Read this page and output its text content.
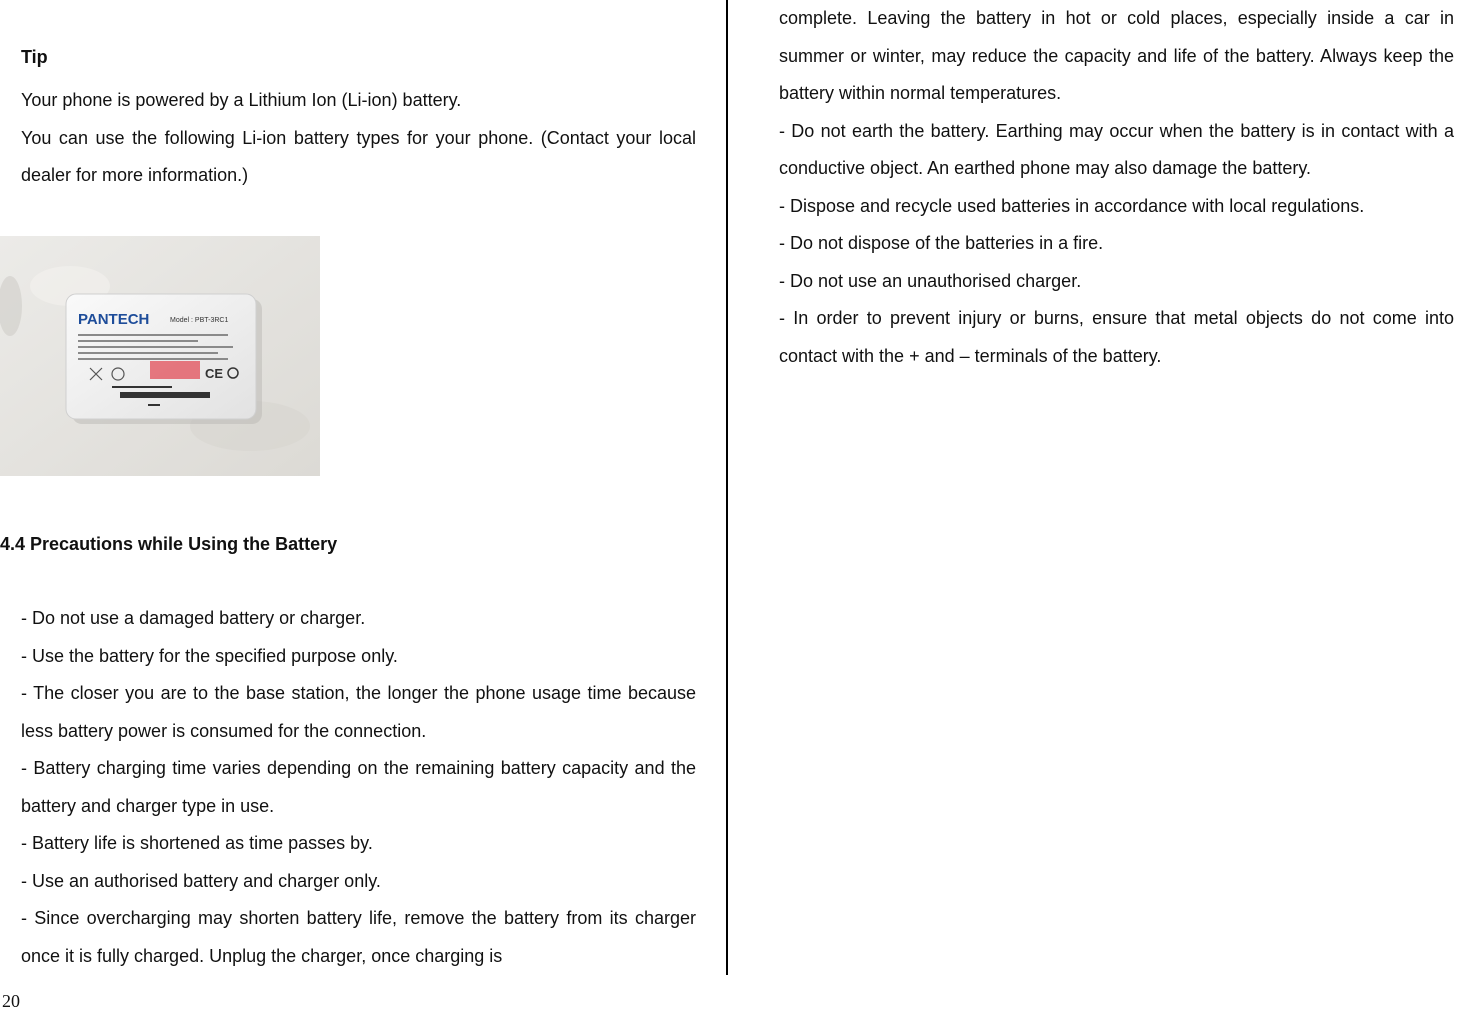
Tip

Your phone is powered by a Lithium Ion (Li-ion) battery.

You can use the following Li-ion battery types for your phone. (Contact your local dealer for more information.)

PANTECH	Model : PBT-3RC1
CE
4.4 Precautions while Using the Battery

- Do not use a damaged battery or charger.

- Use the battery for the specified purpose only.

- The closer you are to the base station, the longer the phone usage time because less battery power is consumed for the connection.

- Battery charging time varies depending on the remaining battery capacity and the battery and charger type in use.

- Battery life is shortened as time passes by.

- Use an authorised battery and charger only.

- Since overcharging may shorten battery life, remove the battery from its charger once it is fully charged. Unplug the charger, once charging is

20

complete. Leaving the battery in hot or cold places, especially inside a car in summer or winter, may reduce the capacity and life of the battery. Always keep the battery within normal temperatures.

- Do not earth the battery. Earthing may occur when the battery is in contact with a conductive object. An earthed phone may also damage the battery.

- Dispose and recycle used batteries in accordance with local regulations.

- Do not dispose of the batteries in a fire.

- Do not use an unauthorised charger.

- In order to prevent injury or burns, ensure that metal objects do not come into contact with the + and – terminals of the battery.
